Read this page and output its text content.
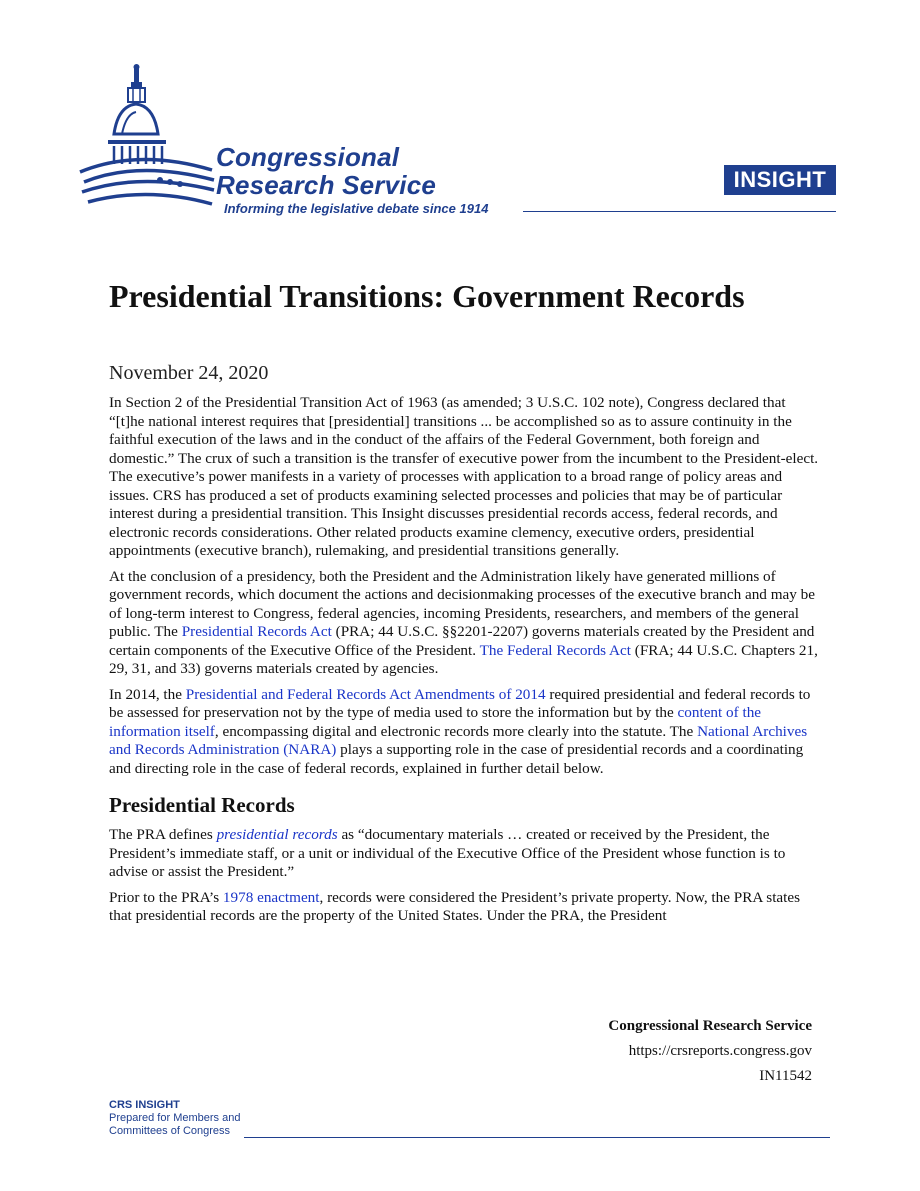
Congressional
Research Service
Informing the legislative debate since 1914
INSIGHT
Presidential Transitions: Government Records
November 24, 2020

In Section 2 of the Presidential Transition Act of 1963 (as amended; 3 U.S.C. 102 note), Congress declared that “[t]he national interest requires that [presidential] transitions ... be accomplished so as to assure continuity in the faithful execution of the laws and in the conduct of the affairs of the Federal Government, both foreign and domestic.” The crux of such a transition is the transfer of executive power from the incumbent to the President-elect. The executive’s power manifests in a variety of processes with application to a broad range of policy areas and issues. CRS has produced a set of products examining selected processes and policies that may be of particular interest during a presidential transition. This Insight discusses presidential records access, federal records, and electronic records considerations. Other related products examine clemency, executive orders, presidential appointments (executive branch), rulemaking, and presidential transitions generally.

At the conclusion of a presidency, both the President and the Administration likely have generated millions of government records, which document the actions and decisionmaking processes of the executive branch and may be of long-term interest to Congress, federal agencies, incoming Presidents, researchers, and members of the general public. The Presidential Records Act (PRA; 44 U.S.C. §§2201-2207) governs materials created by the President and certain components of the Executive Office of the President. The Federal Records Act (FRA; 44 U.S.C. Chapters 21, 29, 31, and 33) governs materials created by agencies.

In 2014, the Presidential and Federal Records Act Amendments of 2014 required presidential and federal records to be assessed for preservation not by the type of media used to store the information but by the content of the information itself, encompassing digital and electronic records more clearly into the statute. The National Archives and Records Administration (NARA) plays a supporting role in the case of presidential records and a coordinating and directing role in the case of federal records, explained in further detail below.

Presidential Records

The PRA defines presidential records as “documentary materials … created or received by the President, the President’s immediate staff, or a unit or individual of the Executive Office of the President whose function is to advise or assist the President.”

Prior to the PRA’s 1978 enactment, records were considered the President’s private property. Now, the PRA states that presidential records are the property of the United States. Under the PRA, the President

Congressional Research Service
https://crsreports.congress.gov
IN11542
CRS INSIGHT
Prepared for Members and
Committees of Congress
